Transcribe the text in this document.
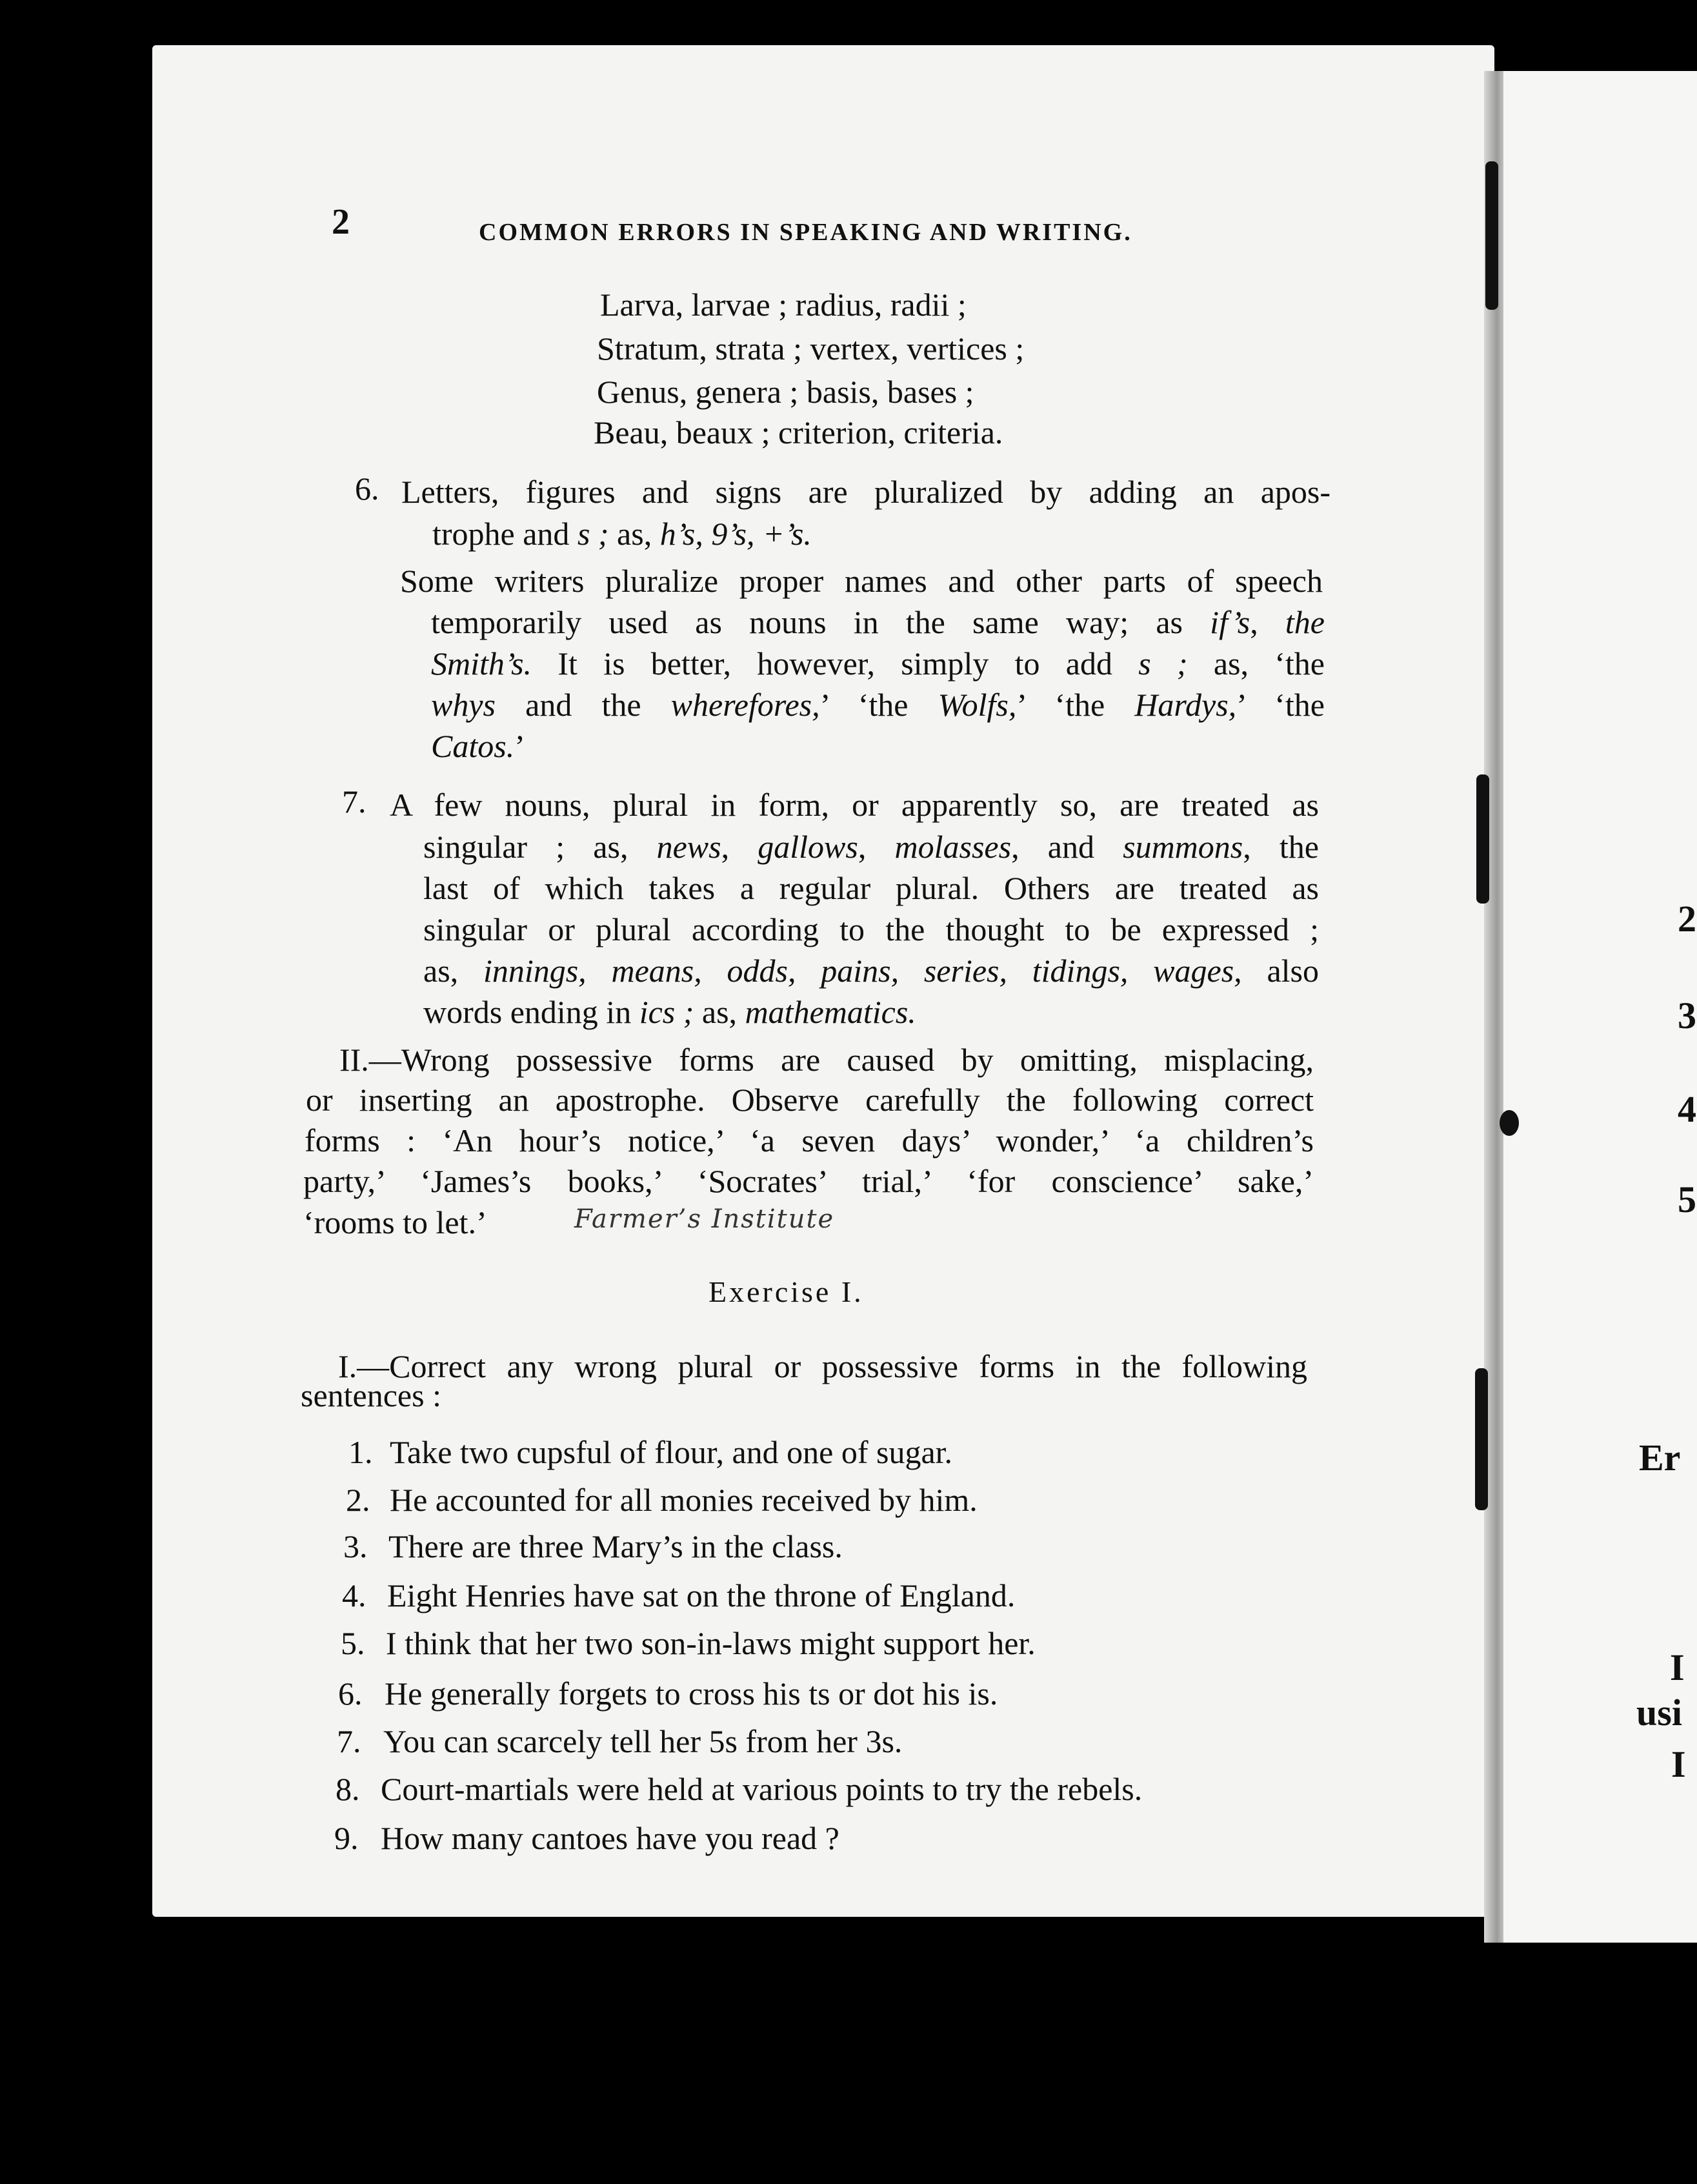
2	COMMON ERRORS IN SPEAKING AND WRITING.
Larva, larvae ; radius, radii ;
Stratum, strata ; vertex, vertices ;
Genus, genera ; basis, bases ;
Beau, beaux ; criterion, criteria.
6. Letters, figures and signs are pluralized by adding an apos-
trophe and s ; as, h’s, 9’s, +’s.
Some writers pluralize proper names and other parts of speech
temporarily used as nouns in the same way; as if’s, the
Smith’s. It is better, however, simply to add s ; as, ‘the
whys and the wherefores,’ ‘the Wolfs,’ ‘the Hardys,’ ‘the
Catos.’
7. A few nouns, plural in form, or apparently so, are treated as
singular ; as, news, gallows, molasses, and summons, the
last of which takes a regular plural. Others are treated as
singular or plural according to the thought to be expressed ;
as, innings, means, odds, pains, series, tidings, wages, also
words ending in ics ; as, mathematics.
II.—Wrong possessive forms are caused by omitting, misplacing,
or inserting an apostrophe. Observe carefully the following correct
forms : ‘An hour’s notice,’ ‘a seven days’ wonder,’ ‘a children’s
party,’ ‘James’s books,’ ‘Socrates’ trial,’ ‘for conscience’ sake,’
‘rooms to let.’	Farmer’s Institute
Exercise I.
I.—Correct any wrong plural or possessive forms in the following
sentences :
1. Take two cupsful of flour, and one of sugar.
2. He accounted for all monies received by him.
3. There are three Mary’s in the class.
4. Eight Henries have sat on the throne of England.
5. I think that her two son-in-laws might support her.
6. He generally forgets to cross his ts or dot his is.
7. You can scarcely tell her 5s from her 3s.
8. Court-martials were held at various points to try the rebels.
9. How many cantoes have you read ?
2
3
4
5
Er
I
usi
I
